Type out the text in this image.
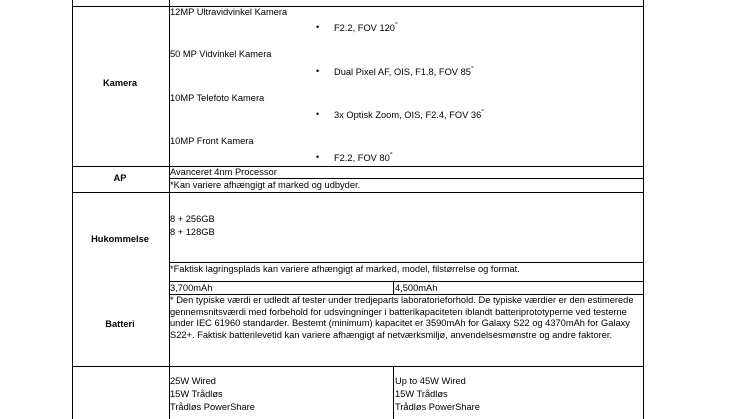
Kamera
12MP Ultravidvinkel Kamera
• F2.2, FOV 120°
50 MP Vidvinkel Kamera
• Dual Pixel AF, OIS, F1.8, FOV 85°
10MP Telefoto Kamera
• 3x Optisk Zoom, OIS, F2.4, FOV 36°
10MP Front Kamera
• F2.2, FOV 80°
AP
Avanceret 4nm Processor
*Kan variere afhængigt af marked og udbyder.
Hukommelse
8 + 256GB
8 + 128GB
*Faktisk lagringsplads kan variere afhængigt af marked, model, filstørrelse og format.
Batteri
3,700mAh	4,500mAh
* Den typiske værdi er udledt af tester under tredjeparts laboratorieforhold. De typiske værdier er den estimerede gennemsnitsværdi med forbehold for udsvingninger i batterikapaciteten iblandt batteriprototyperne ved testerne under IEC 61960 standarder. Bestemt (minimum) kapacitet er 3590mAh for Galaxy S22 og 4370mAh for Galaxy S22+. Faktisk batterilevetid kan variere afhængigt af netværksmiljø, anvendelsesmønstre og andre faktorer.
25W Wired
15W Trådløs
Trådløs PowerShare
Up to 45W Wired
15W Trådløs
Trådløs PowerShare
